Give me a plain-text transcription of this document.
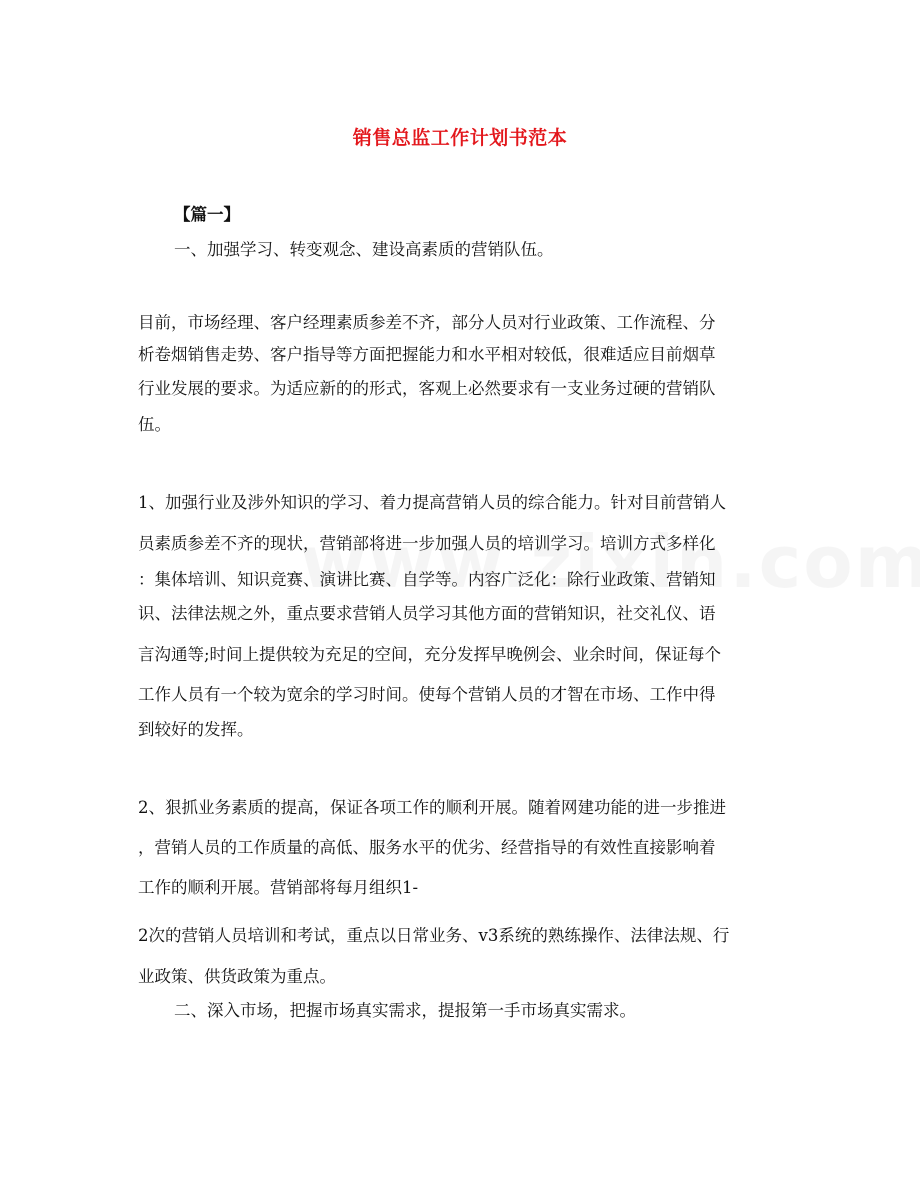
销售总监工作计划书范本
【篇一】
一、加强学习、转变观念、建设高素质的营销队伍。
目前，市场经理、客户经理素质参差不齐，部分人员对行业政策、工作流程、分
析卷烟销售走势、客户指导等方面把握能力和水平相对较低，很难适应目前烟草
行业发展的要求。为适应新的的形式，客观上必然要求有一支业务过硬的营销队
伍。
1、加强行业及涉外知识的学习、着力提高营销人员的综合能力。针对目前营销人
员素质参差不齐的现状，营销部将进一步加强人员的培训学习。培训方式多样化
：集体培训、知识竞赛、演讲比赛、自学等。内容广泛化：除行业政策、营销知
识、法律法规之外，重点要求营销人员学习其他方面的营销知识，社交礼仪、语
言沟通等;时间上提供较为充足的空间，充分发挥早晚例会、业余时间，保证每个
工作人员有一个较为宽余的学习时间。使每个营销人员的才智在市场、工作中得
到较好的发挥。
2、狠抓业务素质的提高，保证各项工作的顺利开展。随着网建功能的进一步推进
，营销人员的工作质量的高低、服务水平的优劣、经营指导的有效性直接影响着
工作的顺利开展。营销部将每月组织1-
2次的营销人员培训和考试，重点以日常业务、v3系统的熟练操作、法律法规、行
业政策、供货政策为重点。
二、深入市场，把握市场真实需求，提报第一手市场真实需求。
